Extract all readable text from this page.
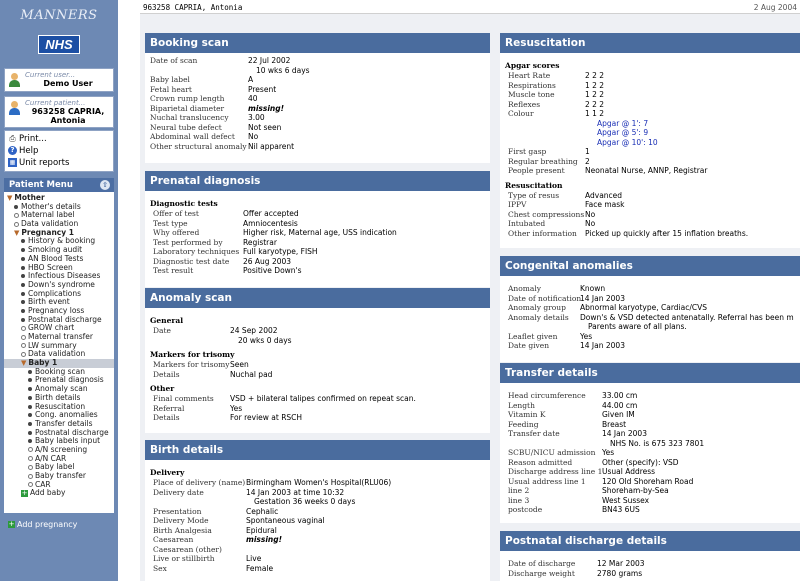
MANNERS
NHS
Current user...
Demo User
Current patient...
963258 CAPRIA, Antonia
⎙ Print...
? Help
▦ Unit reports
Patient Menu	⇧
▼ Mother
Mother's details
Maternal label
Data validation
▼ Pregnancy 1
History & booking
Smoking audit
AN Blood Tests
HBO Screen
Infectious Diseases
Down's syndrome
Complications
Birth event
Pregnancy loss
Postnatal discharge
GROW chart
Maternal transfer
LW summary
Data validation
▼ Baby 1
Booking scan
Prenatal diagnosis
Anomaly scan
Birth details
Resuscitation
Cong. anomalies
Transfer details
Postnatal discharge
Baby labels input
A/N screening
A/N CAR
Baby label
Baby transfer
CAR
+ Add baby
+ Add pregnancy
963258 CAPRIA, Antonia	2 Aug 2004
Booking scan
Date of scan	22 Jul 2002
10 wks 6 days
Baby label	A
Fetal heart	Present
Crown rump length	40
Biparietal diameter	missing!
Nuchal translucency	3.00
Neural tube defect	Not seen
Abdominal wall defect	No
Other structural anomaly Nil apparent
Prenatal diagnosis
Diagnostic tests
Offer of test	Offer accepted
Test type	Amniocentesis
Why offered	Higher risk, Maternal age, USS indication
Test performed by	Registrar
Laboratory techniques Full karyotype, FISH
Diagnostic test date	26 Aug 2003
Test result	Positive Down's
Anomaly scan
General
Date	24 Sep 2002
20 wks 0 days
Markers for trisomy
Markers for trisomy Seen
Details	Nuchal pad
Other
Final comments	VSD + bilateral talipes confirmed on repeat scan.
Referral	Yes
Details	For review at RSCH
Birth details
Delivery
Place of delivery (name) Birmingham Women's Hospital(RLU06)
Delivery date	14 Jan 2003 at time 10:32
Gestation 36 weeks 0 days
Presentation	Cephalic
Delivery Mode	Spontaneous vaginal
Birth Analgesia	Epidural
Caesarean	missing!
Caesarean (other)
Live or stillbirth	Live
Sex	Female
Resuscitation
Apgar scores
Heart Rate	2 2 2
Respirations	1 2 2
Muscle tone	1 2 2
Reflexes	2 2 2
Colour	1 1 2
Apgar @ 1': 7
Apgar @ 5': 9
Apgar @ 10': 10
First gasp	1
Regular breathing 2
People present	Neonatal Nurse, ANNP, Registrar
Resuscitation
Type of resus	Advanced
IPPV	Face mask
Chest compressions No
Intubated	No
Other information	Picked up quickly after 15 inflation breaths.
Congenital anomalies
Anomaly	Known
Date of notification
14 Jan 2003
Anomaly group	Abnormal karyotype, Cardiac/CVS
Anomaly details	Down's & VSD detected antenatally. Referral has been m
Parents aware of all plans.
Leaflet given	Yes
Date given	14 Jan 2003
Transfer details
Head circumference	33.00 cm
Length	44.00 cm
Vitamin K	Given IM
Feeding	Breast
Transfer date	14 Jan 2003
NHS No. is 675 323 7801
SCBU/NICU admission Yes
Reason admitted	Other (specify): VSD
Discharge address line 1 Usual Address
Usual address line 1	120 Old Shoreham Road
line 2	Shoreham-by-Sea
line 3	West Sussex
postcode	BN43 6US
Postnatal discharge details
Date of discharge	12 Mar 2003
Discharge weight	2780 grams
